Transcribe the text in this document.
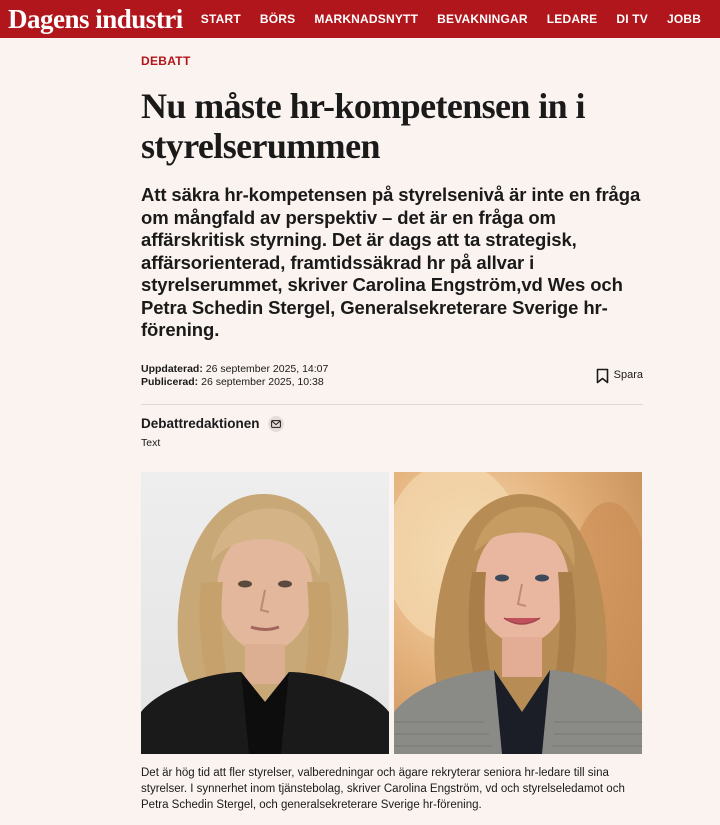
Dagens industri START BÖRS MARKNADSNYTT BEVAKNINGAR LEDARE DI TV JOBB
DEBATT
Nu måste hr-kompetensen in i styrelserummen

Att säkra hr-kompetensen på styrelsenivå är inte en fråga om mångfald av perspektiv – det är en fråga om affärskritisk styrning. Det är dags att ta strategisk, affärsorienterad, framtidssäkrad hr på allvar i styrelserummet, skriver Carolina Engström,vd Wes och Petra Schedin Stergel, Generalsekreterare Sverige hr-förening.

Uppdaterad: 26 september 2025, 14:07
Publicerad: 26 september 2025, 10:38
Spara
Debattredaktionen
Text

Det är hög tid att fler styrelser, valberedningar och ägare rekryterar seniora hr-ledare till sina styrelser. I synnerhet inom tjänstebolag, skriver Carolina Engström, vd och styrelseledamot och Petra Schedin Stergel, och generalsekreterare Sverige hr-förening.
